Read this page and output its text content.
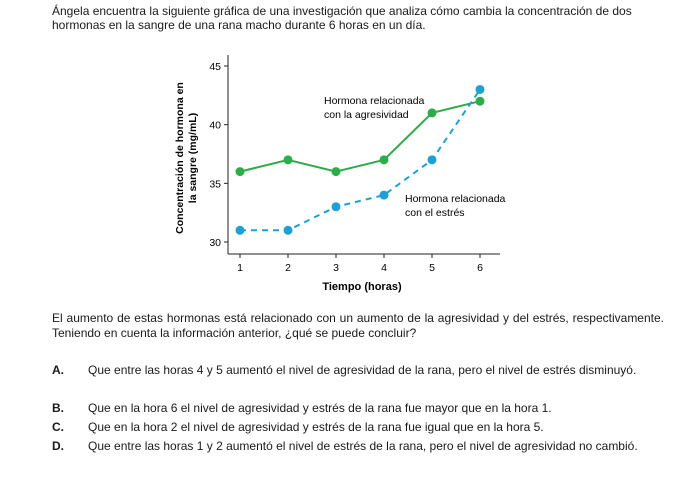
Ángela encuentra la siguiente gráfica de una investigación que analiza cómo cambia la concentración de dos hormonas en la sangre de una rana macho durante 6 horas en un día.

30
35
40
45
1	2	3	4	5	6
Tiempo (horas)
Concentración de hormona en la sangre (mg/mL)
Hormona relacionada
con la agresividad
Hormona relacionada
con el estrés

El aumento de estas hormonas está relacionado con un aumento de la agresividad y del estrés, respectivamente. Teniendo en cuenta la información anterior, ¿qué se puede concluir?

A.	Que entre las horas 4 y 5 aumentó el nivel de agresividad de la rana, pero el nivel de estrés disminuyó.
B.	Que en la hora 6 el nivel de agresividad y estrés de la rana fue mayor que en la hora 1.
C.	Que en la hora 2 el nivel de agresividad y estrés de la rana fue igual que en la hora 5.
D.	Que entre las horas 1 y 2 aumentó el nivel de estrés de la rana, pero el nivel de agresividad no cambió.
